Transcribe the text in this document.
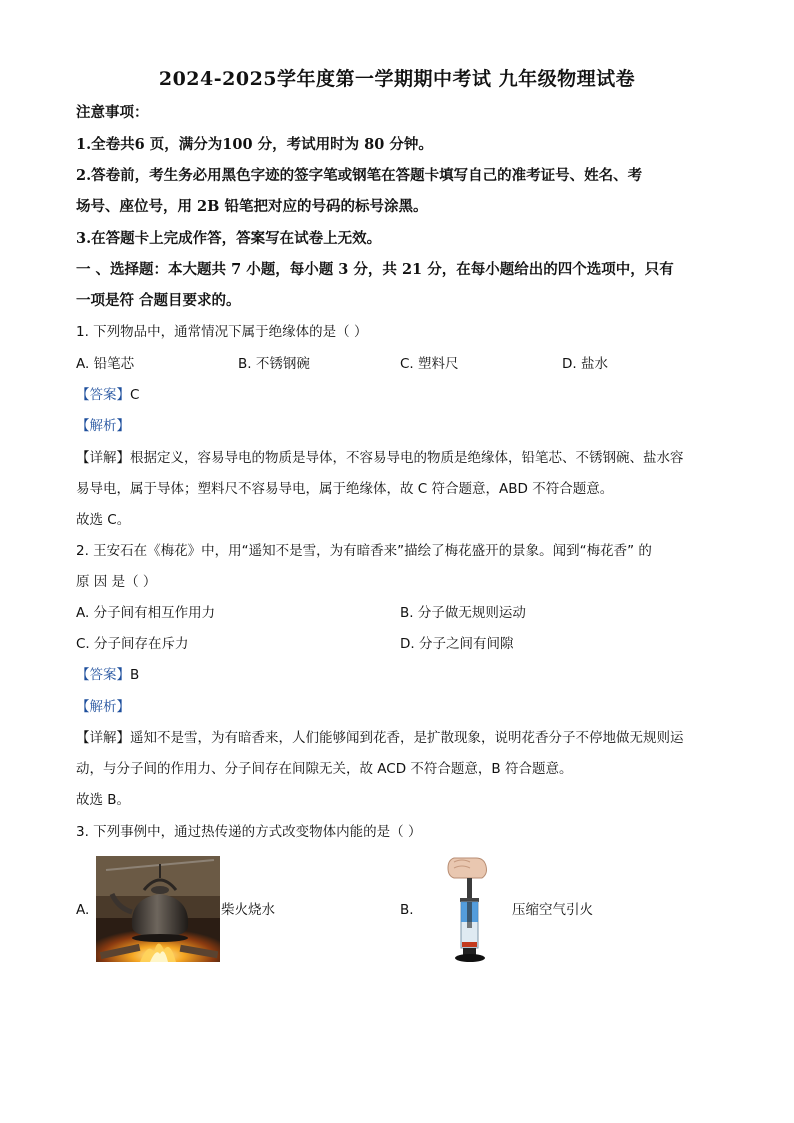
2024-2025学年度第一学期期中考试 九年级物理试卷
注意事项：
1.全卷共6 页，满分为100 分，考试用时为 80 分钟。
2.答卷前，考生务必用黑色字迹的签字笔或钢笔在答题卡填写自己的准考证号、姓名、考
场号、座位号，用 2B 铅笔把对应的号码的标号涂黑。
3.在答题卡上完成作答，答案写在试卷上无效。
一 、选择题：本大题共 7 小题，每小题 3 分，共 21 分，在每小题给出的四个选项中，只有
一项是符 合题目要求的。
1. 下列物品中，通常情况下属于绝缘体的是（ ）
A. 铅笔芯	B. 不锈钢碗	C. 塑料尺	D. 盐水
【答案】C
【解析】
【详解】根据定义，容易导电的物质是导体，不容易导电的物质是绝缘体，铅笔芯、不锈钢碗、盐水容
易导电，属于导体；塑料尺不容易导电，属于绝缘体，故 C 符合题意，ABD 不符合题意。
故选 C。
2. 王安石在《梅花》中，用“遥知不是雪，为有暗香来”描绘了梅花盛开的景象。闻到“梅花香” 的
原 因 是（ ）
A. 分子间有相互作用力	B. 分子做无规则运动
C. 分子间存在斥力	D. 分子之间有间隙
【答案】B
【解析】
【详解】遥知不是雪，为有暗香来，人们能够闻到花香，是扩散现象，说明花香分子不停地做无规则运
动，与分子间的作用力、分子间存在间隙无关，故 ACD 不符合题意，B 符合题意。
故选 B。
3. 下列事例中，通过热传递的方式改变物体内能的是（ ）
A.	柴火烧水	B.	压缩空气引火
